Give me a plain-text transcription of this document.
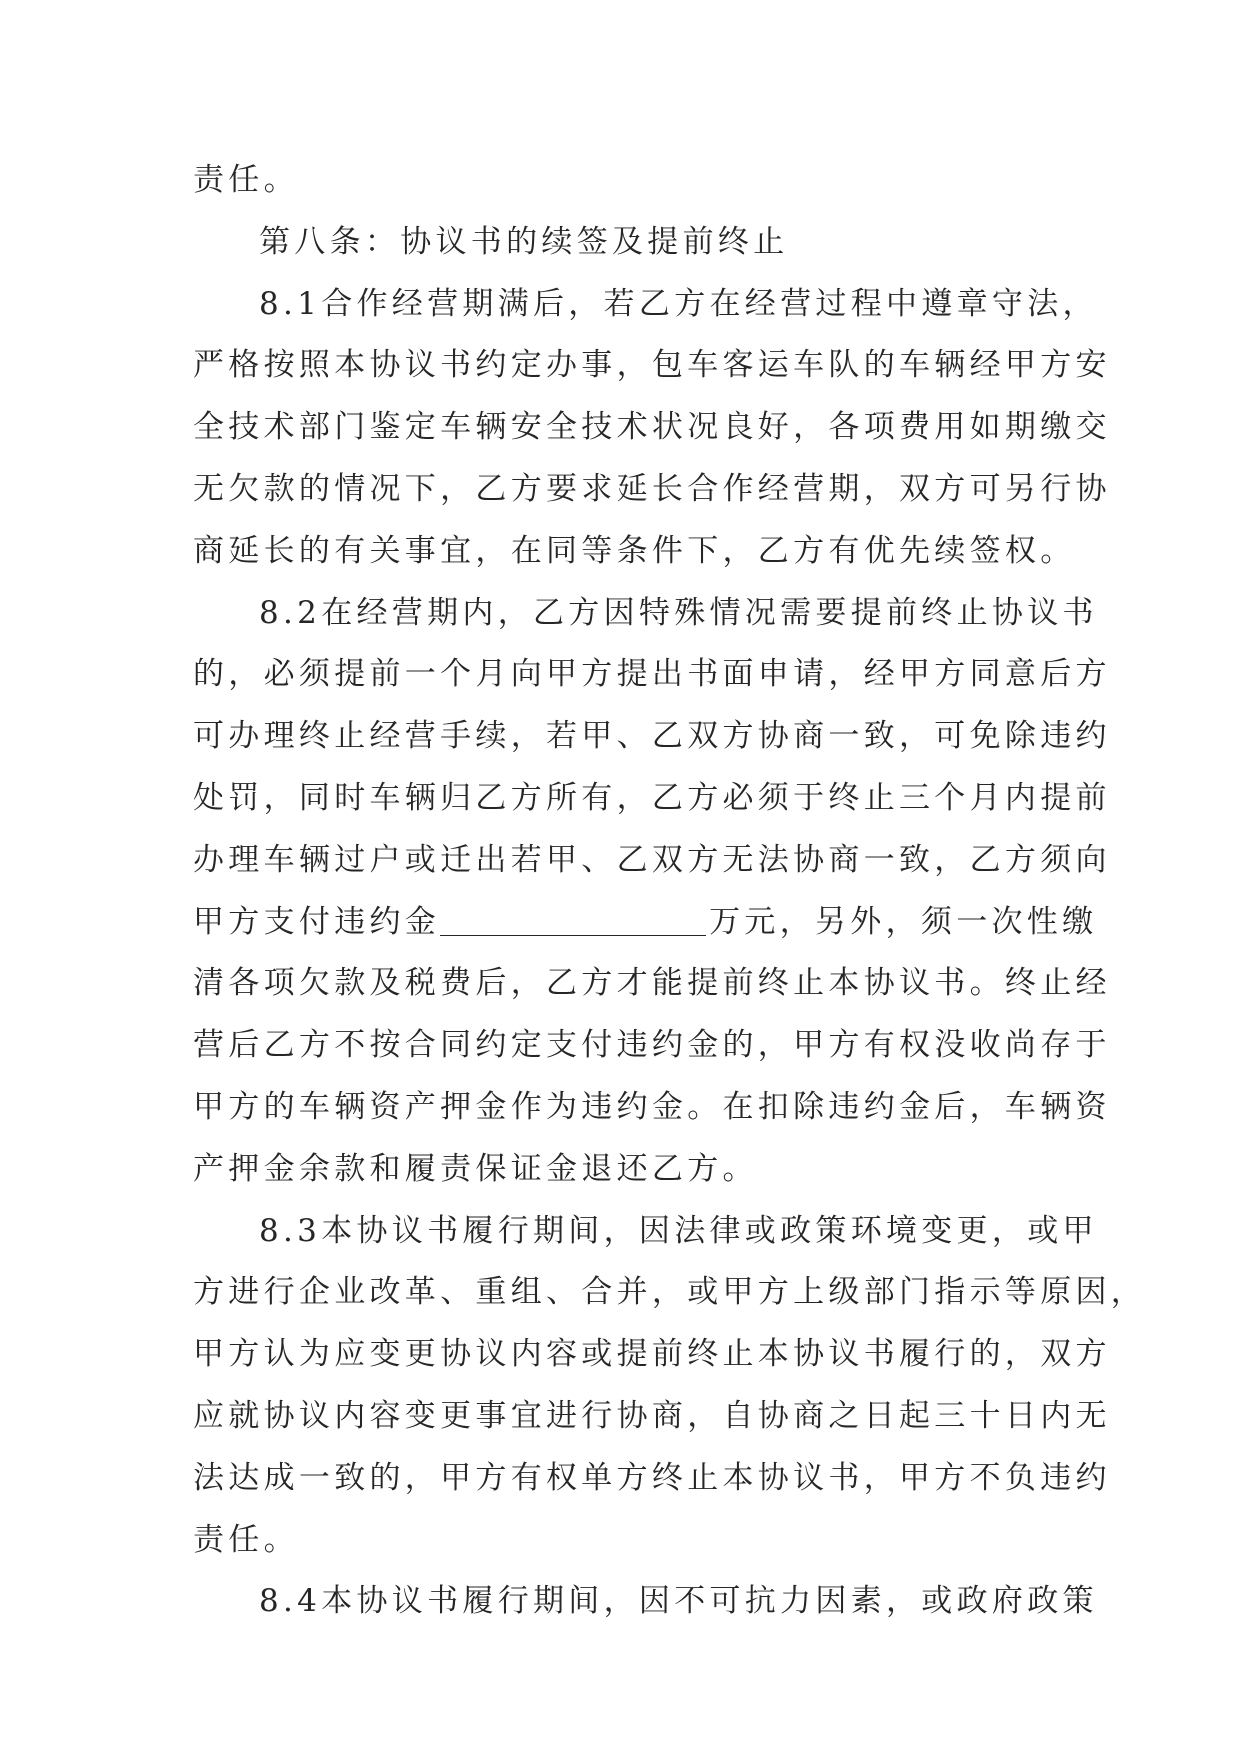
责任。
第八条：协议书的续签及提前终止
8.1合作经营期满后，若乙方在经营过程中遵章守法，
严格按照本协议书约定办事，包车客运车队的车辆经甲方安
全技术部门鉴定车辆安全技术状况良好，各项费用如期缴交
无欠款的情况下，乙方要求延长合作经营期，双方可另行协
商延长的有关事宜，在同等条件下，乙方有优先续签权。
8.2在经营期内，乙方因特殊情况需要提前终止协议书
的，必须提前一个月向甲方提出书面申请，经甲方同意后方
可办理终止经营手续，若甲、乙双方协商一致，可免除违约
处罚，同时车辆归乙方所有，乙方必须于终止三个月内提前
办理车辆过户或迁出若甲、乙双方无法协商一致，乙方须向
甲方支付违约金	万元，另外，须一次性缴
清各项欠款及税费后，乙方才能提前终止本协议书。终止经
营后乙方不按合同约定支付违约金的，甲方有权没收尚存于
甲方的车辆资产押金作为违约金。在扣除违约金后，车辆资
产押金余款和履责保证金退还乙方。
8.3本协议书履行期间，因法律或政策环境变更，或甲
方进行企业改革、重组、合并，或甲方上级部门指示等原因，
甲方认为应变更协议内容或提前终止本协议书履行的，双方
应就协议内容变更事宜进行协商，自协商之日起三十日内无
法达成一致的，甲方有权单方终止本协议书，甲方不负违约
责任。
8.4本协议书履行期间，因不可抗力因素，或政府政策
